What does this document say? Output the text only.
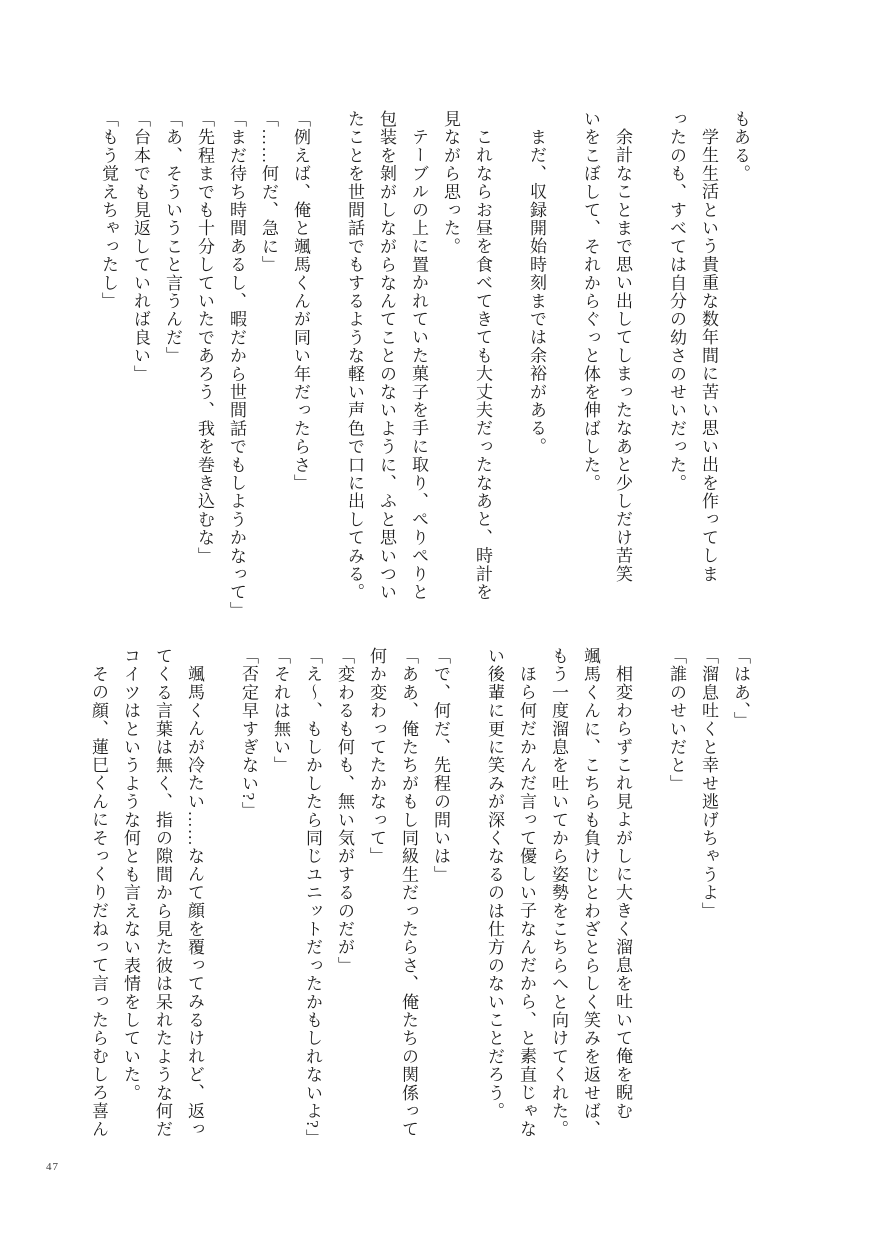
もある。
学生生活という貴重な数年間に苦い思い出を作ってしま
ったのも、すべては自分の幼さのせいだった。
余計なことまで思い出してしまったなあと少しだけ苦笑
いをこぼして、それからぐっと体を伸ばした。
まだ、収録開始時刻までは余裕がある。
これならお昼を食べてきても大丈夫だったなあと、時計を
見ながら思った。
テーブルの上に置かれていた菓子を手に取り、ぺりぺりと
包装を剝がしながらなんてことのないように、ふと思いつい
たことを世間話でもするような軽い声色で口に出してみる。
「例えば、俺と颯馬くんが同い年だったらさ」
「……何だ、急に」
「まだ待ち時間あるし、暇だから世間話でもしようかなって」
「先程までも十分していたであろう、我を巻き込むな」
「あ、そういうこと言うんだ」
「台本でも見返していれば良い」
「もう覚えちゃったし」
「はあ、」
「溜息吐くと幸せ逃げちゃうよ」
「誰のせいだと」
相変わらずこれ見よがしに大きく溜息を吐いて俺を睨む
颯馬くんに、こちらも負けじとわざとらしく笑みを返せば、
もう一度溜息を吐いてから姿勢をこちらへと向けてくれた。
ほら何だかんだ言って優しい子なんだから、と素直じゃな
い後輩に更に笑みが深くなるのは仕方のないことだろう。
「で、何だ、先程の問いは」
「ああ、俺たちがもし同級生だったらさ、俺たちの関係って
何か変わってたかなって」
「変わるも何も、無い気がするのだが」
「え〜、もしかしたら同じユニットだったかもしれないよ?」
「それは無い」
「否定早すぎない?」
颯馬くんが冷たい……なんて顔を覆ってみるけれど、返っ
てくる言葉は無く、指の隙間から見た彼は呆れたような何だ
コイツはというような何とも言えない表情をしていた。
その顔、蓮巳くんにそっくりだねって言ったらむしろ喜ん
47
